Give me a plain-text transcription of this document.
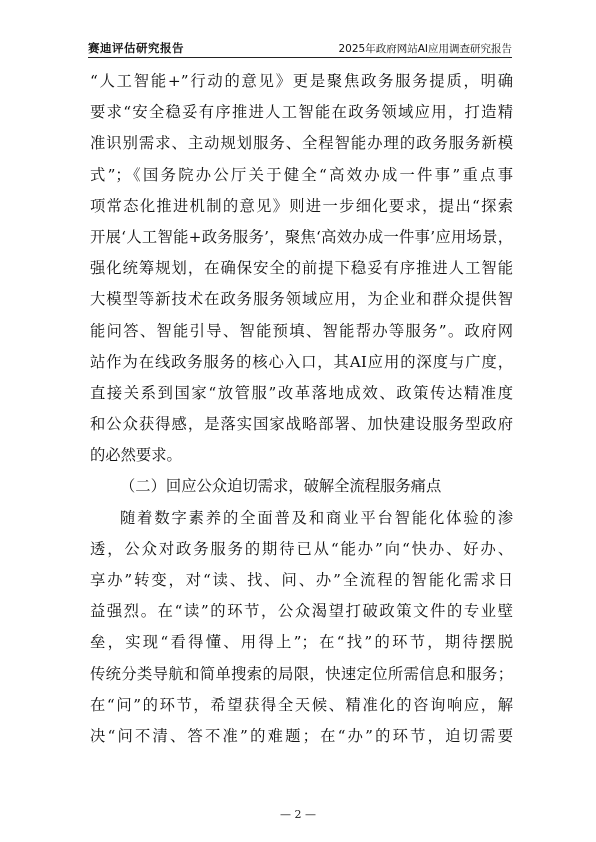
赛迪评估研究报告	2025年政府网站AI应用调查研究报告
“人工智能+”行动的意见》更是聚焦政务服务提质，明确
要求“安全稳妥有序推进人工智能在政务领域应用，打造精
准识别需求、主动规划服务、全程智能办理的政务服务新模
式”；《国务院办公厅关于健全“高效办成一件事”重点事
项常态化推进机制的意见》则进一步细化要求，提出“探索
开展‘人工智能+政务服务’，聚焦‘高效办成一件事’应用场景，
强化统筹规划，在确保安全的前提下稳妥有序推进人工智能
大模型等新技术在政务服务领域应用，为企业和群众提供智
能问答、智能引导、智能预填、智能帮办等服务”。政府网
站作为在线政务服务的核心入口，其AI应用的深度与广度，
直接关系到国家“放管服”改革落地成效、政策传达精准度
和公众获得感，是落实国家战略部署、加快建设服务型政府
的必然要求。
（二）回应公众迫切需求，破解全流程服务痛点
随着数字素养的全面普及和商业平台智能化体验的渗
透，公众对政务服务的期待已从“能办”向“快办、好办、
享办”转变，对“读、找、问、办”全流程的智能化需求日
益强烈。在“读”的环节，公众渴望打破政策文件的专业壁
垒，实现“看得懂、用得上”；在“找”的环节，期待摆脱
传统分类导航和简单搜索的局限，快速定位所需信息和服务；
在“问”的环节，希望获得全天候、精准化的咨询响应，解
决“问不清、答不准”的难题；在“办”的环节，迫切需要
— 2 —
